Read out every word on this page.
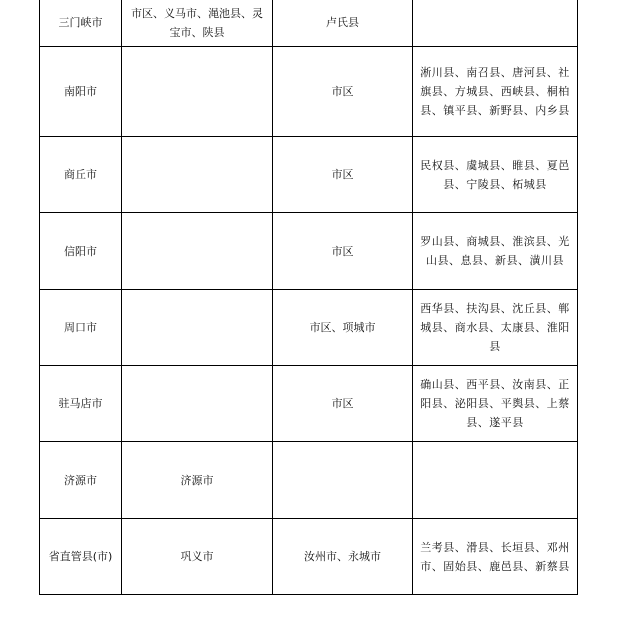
三门峡市	市区、义马市、渑池县、灵宝市、陕县	卢氏县	
南阳市		市区	淅川县、南召县、唐河县、社旗县、方城县、西峡县、桐柏县、镇平县、新野县、内乡县
商丘市		市区	民权县、虞城县、睢县、夏邑县、宁陵县、柘城县
信阳市		市区	罗山县、商城县、淮滨县、光山县、息县、新县、潢川县
周口市		市区、项城市	西华县、扶沟县、沈丘县、郸城县、商水县、太康县、淮阳县
驻马店市		市区	确山县、西平县、汝南县、正阳县、泌阳县、平舆县、上蔡县、遂平县
济源市	济源市		
省直管县(市)	巩义市	汝州市、永城市	兰考县、滑县、长垣县、邓州市、固始县、鹿邑县、新蔡县
